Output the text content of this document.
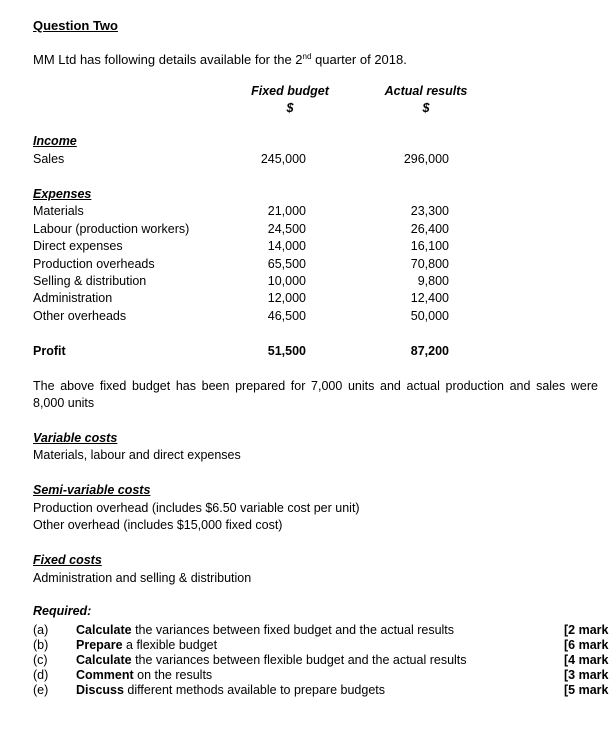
Question Two
MM Ltd has following details available for the 2nd quarter of 2018.
Fixed budget
$
Actual results
$
Income
Sales	245,000	296,000
Expenses
Materials	21,000	23,300
Labour (production workers)	24,500	26,400
Direct expenses	14,000	16,100
Production overheads	65,500	70,800
Selling & distribution	10,000	9,800
Administration	12,000	12,400
Other overheads	46,500	50,000
Profit	51,500	87,200
The above fixed budget has been prepared for 7,000 units and actual production and sales were 8,000 units
Variable costs
Materials, labour and direct expenses
Semi-variable costs
Production overhead (includes $6.50 variable cost per unit)
Other overhead (includes $15,000 fixed cost)
Fixed costs
Administration and selling & distribution
Required:
(a) Calculate the variances between fixed budget and the actual results	[2 mark
(b) Prepare a flexible budget	[6 mark
(c) Calculate the variances between flexible budget and the actual results	[4 mark
(d) Comment on the results	[3 mark
(e) Discuss different methods available to prepare budgets	[5 mark
